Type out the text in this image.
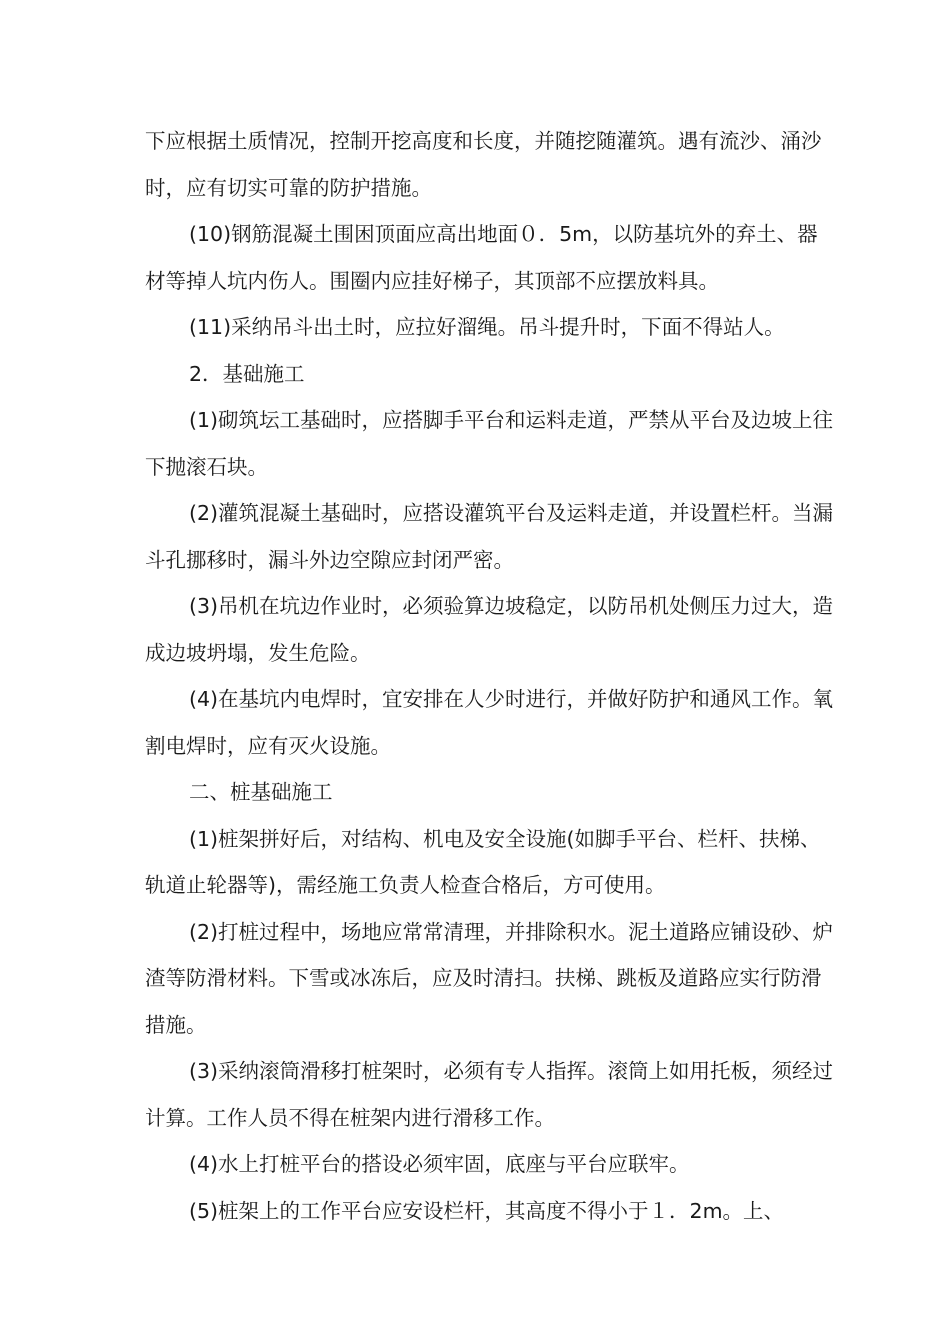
下应根据土质情况，控制开挖高度和长度，并随挖随灌筑。遇有流沙、涌沙时，应有切实可靠的防护措施。

(10)钢筋混凝土围困顶面应高出地面０．5m，以防基坑外的弃土、器材等掉人坑内伤人。围圈内应挂好梯子，其顶部不应摆放料具。

(11)采纳吊斗出土时，应拉好溜绳。吊斗提升时，下面不得站人。

2．基础施工

(1)砌筑坛工基础时，应搭脚手平台和运料走道，严禁从平台及边坡上往下抛滚石块。

(2)灌筑混凝土基础时，应搭设灌筑平台及运料走道，并设置栏杆。当漏斗孔挪移时，漏斗外边空隙应封闭严密。

(3)吊机在坑边作业时，必须验算边坡稳定，以防吊机处侧压力过大，造成边坡坍塌，发生危险。

(4)在基坑内电焊时，宜安排在人少时进行，并做好防护和通风工作。氧割电焊时，应有灭火设施。

二、桩基础施工

(1)桩架拼好后，对结构、机电及安全设施(如脚手平台、栏杆、扶梯、轨道止轮器等)，需经施工负责人检查合格后，方可使用。

(2)打桩过程中，场地应常常清理，并排除积水。泥土道路应铺设砂、炉渣等防滑材料。下雪或冰冻后，应及时清扫。扶梯、跳板及道路应实行防滑措施。

(3)采纳滚筒滑移打桩架时，必须有专人指挥。滚筒上如用托板，须经过计算。工作人员不得在桩架内进行滑移工作。

(4)水上打桩平台的搭设必须牢固，底座与平台应联牢。

(5)桩架上的工作平台应安设栏杆，其高度不得小于１．2m。上、
